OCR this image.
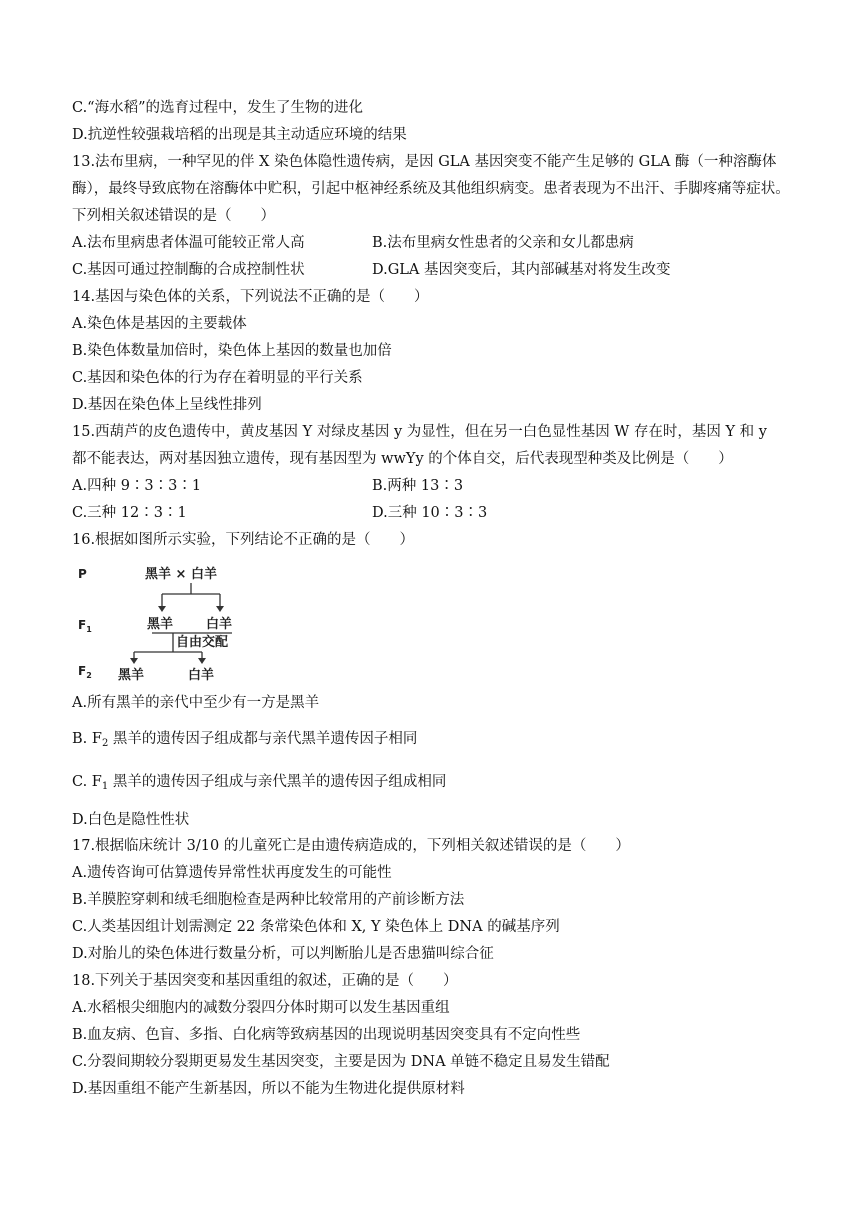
C.“海水稻”的选育过程中，发生了生物的进化
D.抗逆性较强栽培稻的出现是其主动适应环境的结果
13.法布里病，一种罕见的伴 X 染色体隐性遗传病，是因 GLA 基因突变不能产生足够的 GLA 酶（一种溶酶体
酶），最终导致底物在溶酶体中贮积，引起中枢神经系统及其他组织病变。患者表现为不出汗、手脚疼痛等症状。
下列相关叙述错误的是（　　）
A.法布里病患者体温可能较正常人高	B.法布里病女性患者的父亲和女儿都患病
C.基因可通过控制酶的合成控制性状	D.GLA 基因突变后，其内部碱基对将发生改变
14.基因与染色体的关系，下列说法不正确的是（　　）
A.染色体是基因的主要载体
B.染色体数量加倍时，染色体上基因的数量也加倍
C.基因和染色体的行为存在着明显的平行关系
D.基因在染色体上呈线性排列
15.西葫芦的皮色遗传中，黄皮基因 Y 对绿皮基因 y 为显性，但在另一白色显性基因 W 存在时，基因 Y 和 y
都不能表达，两对基因独立遗传，现有基因型为 wwYy 的个体自交，后代表现型种类及比例是（　　）
A.四种 9∶3∶3∶1	B.两种 13∶3
C.三种 12∶3∶1	D.三种 10∶3∶3
16.根据如图所示实验，下列结论不正确的是（　　）
P
$F_1$
$F_2$
黑羊 × 白羊
黑羊	白羊
自由交配
黑羊	白羊
A.所有黑羊的亲代中至少有一方是黑羊
B. $F_2$ 黑羊的遗传因子组成都与亲代黑羊遗传因子相同
C. $F_1$ 黑羊的遗传因子组成与亲代黑羊的遗传因子组成相同
D.白色是隐性性状
17.根据临床统计 3/10 的儿童死亡是由遗传病造成的，下列相关叙述错误的是（　　）
A.遗传咨询可估算遗传异常性状再度发生的可能性
B.羊膜腔穿刺和绒毛细胞检查是两种比较常用的产前诊断方法
C.人类基因组计划需测定 22 条常染色体和 X, Y 染色体上 DNA 的碱基序列
D.对胎儿的染色体进行数量分析，可以判断胎儿是否患猫叫综合征
18.下列关于基因突变和基因重组的叙述，正确的是（　　）
A.水稻根尖细胞内的减数分裂四分体时期可以发生基因重组
B.血友病、色盲、多指、白化病等致病基因的出现说明基因突变具有不定向性些
C.分裂间期较分裂期更易发生基因突变，主要是因为 DNA 单链不稳定且易发生错配
D.基因重组不能产生新基因，所以不能为生物进化提供原材料
